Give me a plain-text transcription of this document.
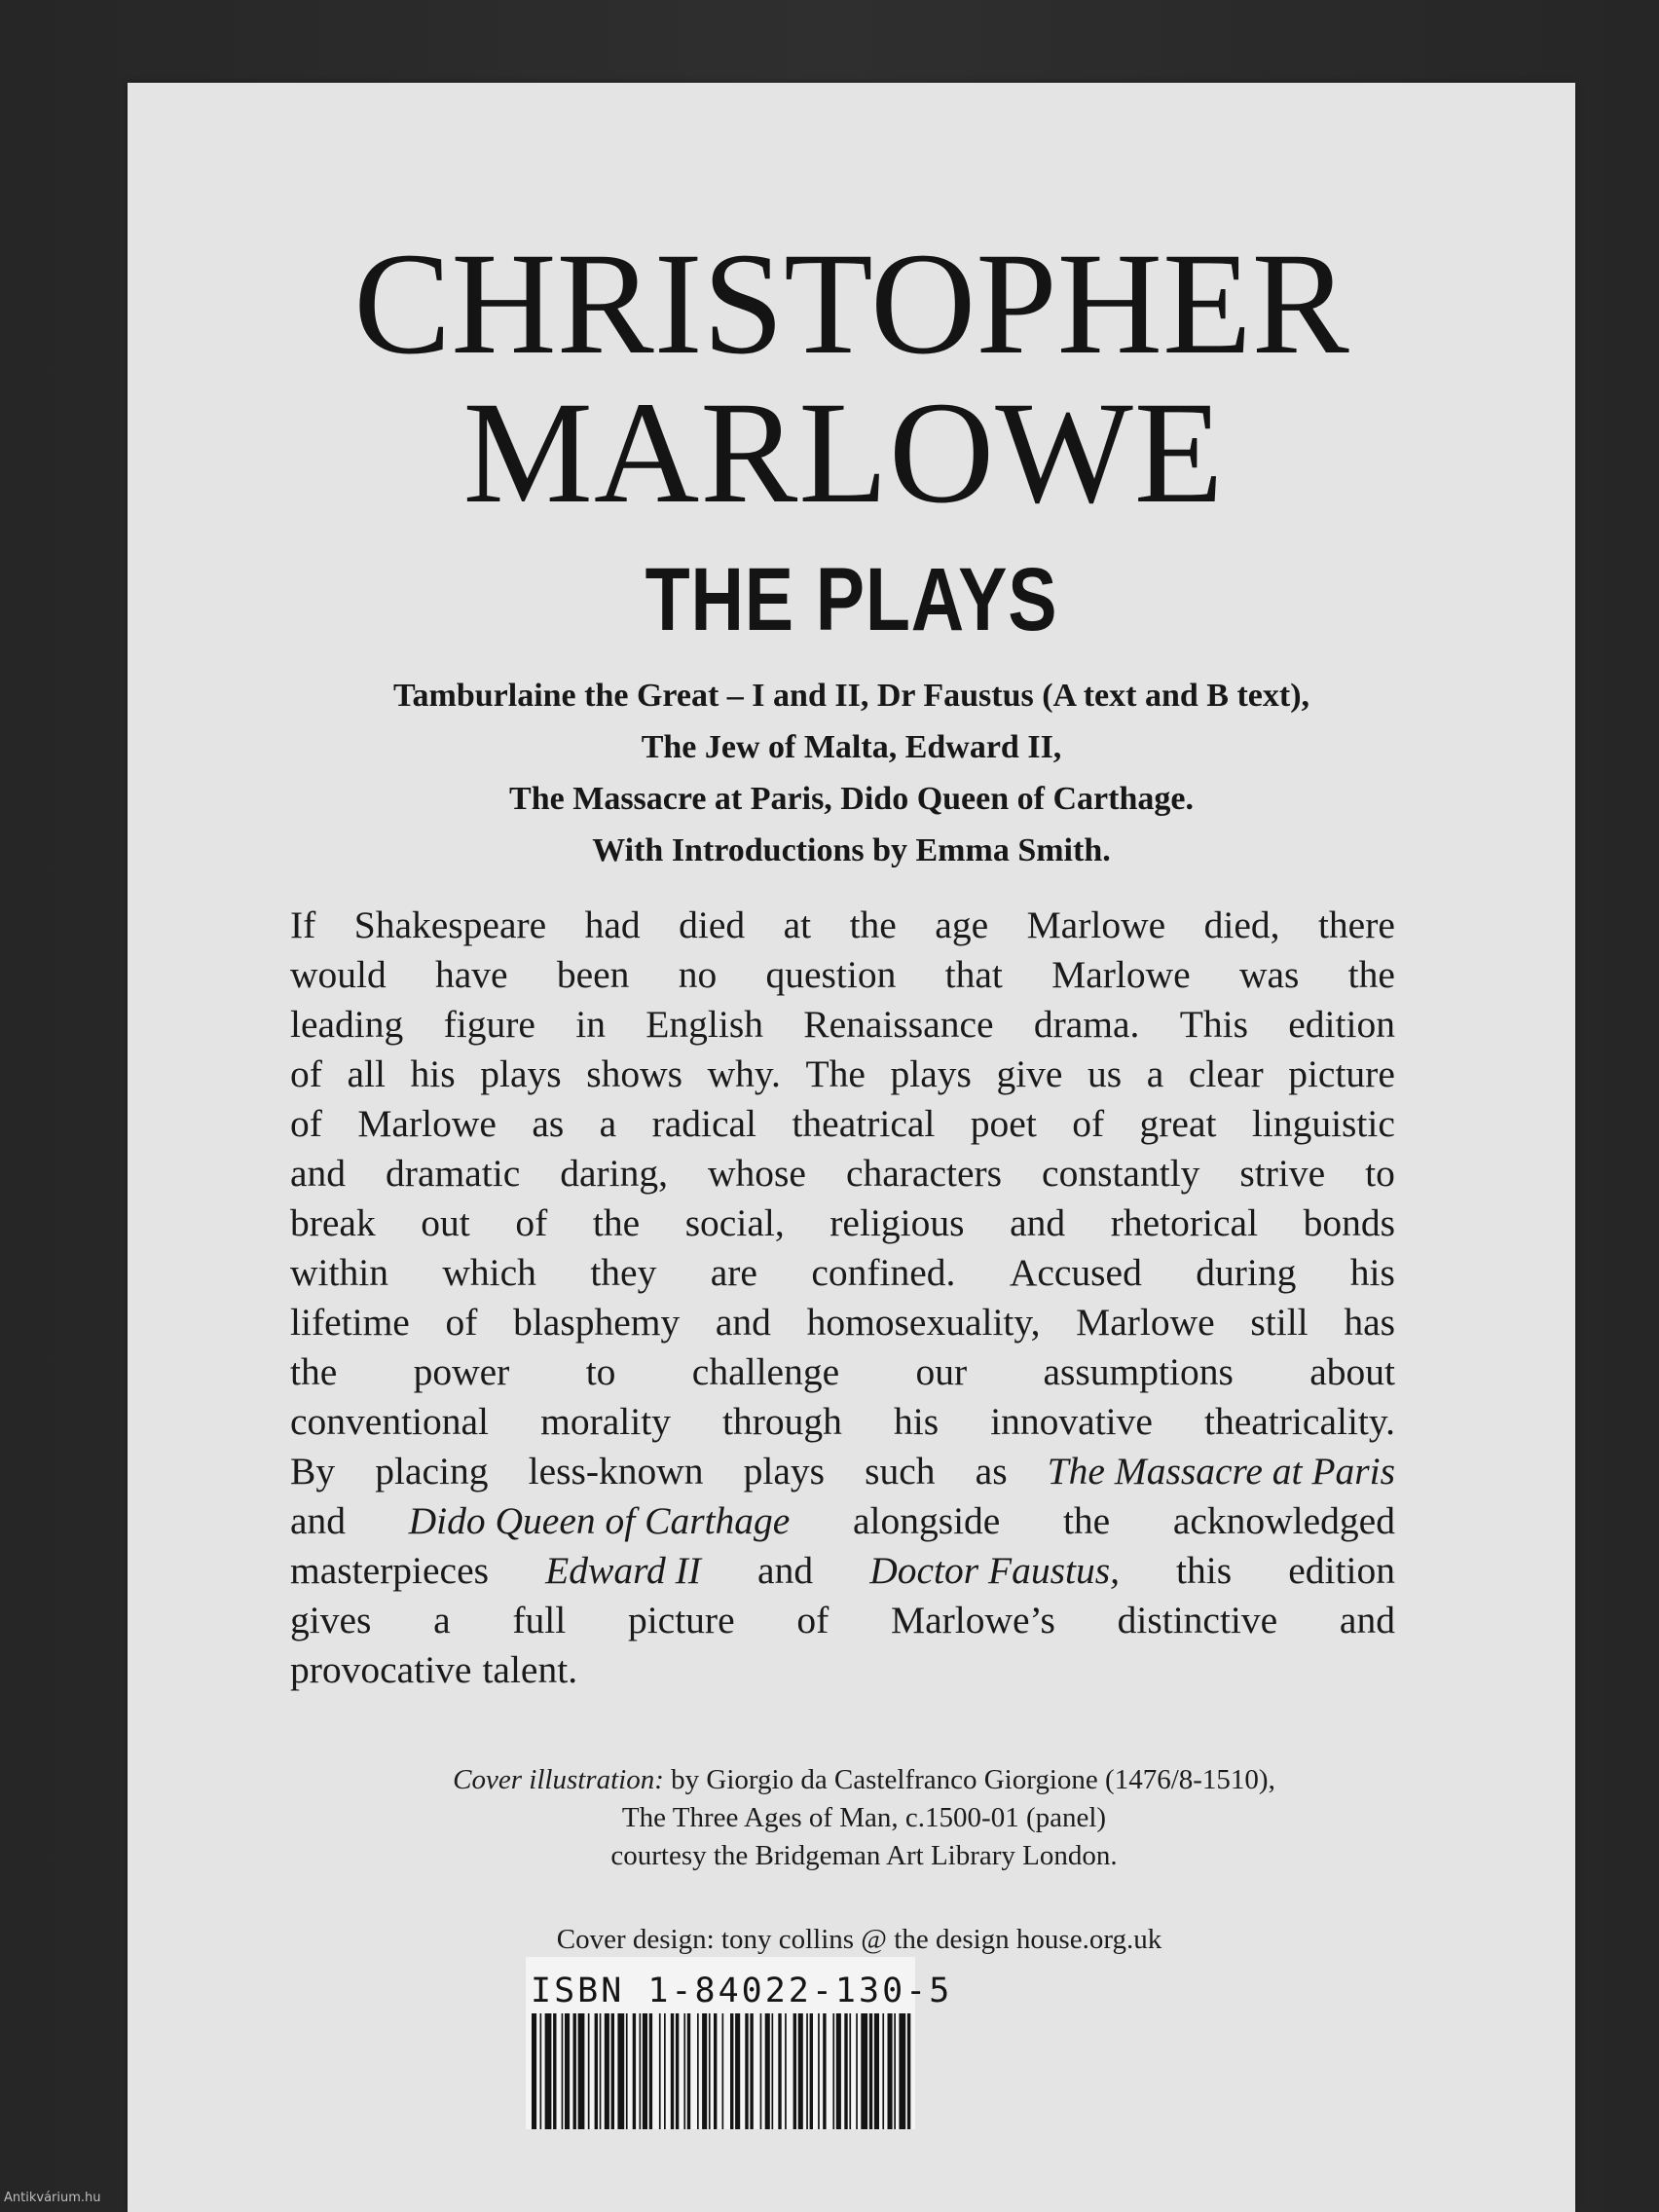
CHRISTOPHER
MARLOWE
THE PLAYS
Tamburlaine the Great – I and II, Dr Faustus (A text and B text),
The Jew of Malta, Edward II,
The Massacre at Paris, Dido Queen of Carthage.
With Introductions by Emma Smith.
If Shakespeare had died at the age Marlowe died, there
would have been no question that Marlowe was the
leading figure in English Renaissance drama. This edition
of all his plays shows why. The plays give us a clear picture
of Marlowe as a radical theatrical poet of great linguistic
and dramatic daring, whose characters constantly strive to
break out of the social, religious and rhetorical bonds
within which they are confined. Accused during his
lifetime of blasphemy and homosexuality, Marlowe still has
the power to challenge our assumptions about
conventional morality through his innovative theatricality.
By placing less-known plays such as The Massacre at Paris
and Dido Queen of Carthage alongside the acknowledged
masterpieces Edward II and Doctor Faustus, this edition
gives a full picture of Marlowe’s distinctive and
provocative talent.
Cover illustration: by Giorgio da Castelfranco Giorgione (1476/8-1510),
The Three Ages of Man, c.1500-01 (panel)
courtesy the Bridgeman Art Library London.
Cover design: tony collins @ the design house.org.uk
ISBN 1-84022-130-5
Antikvárium.hu
